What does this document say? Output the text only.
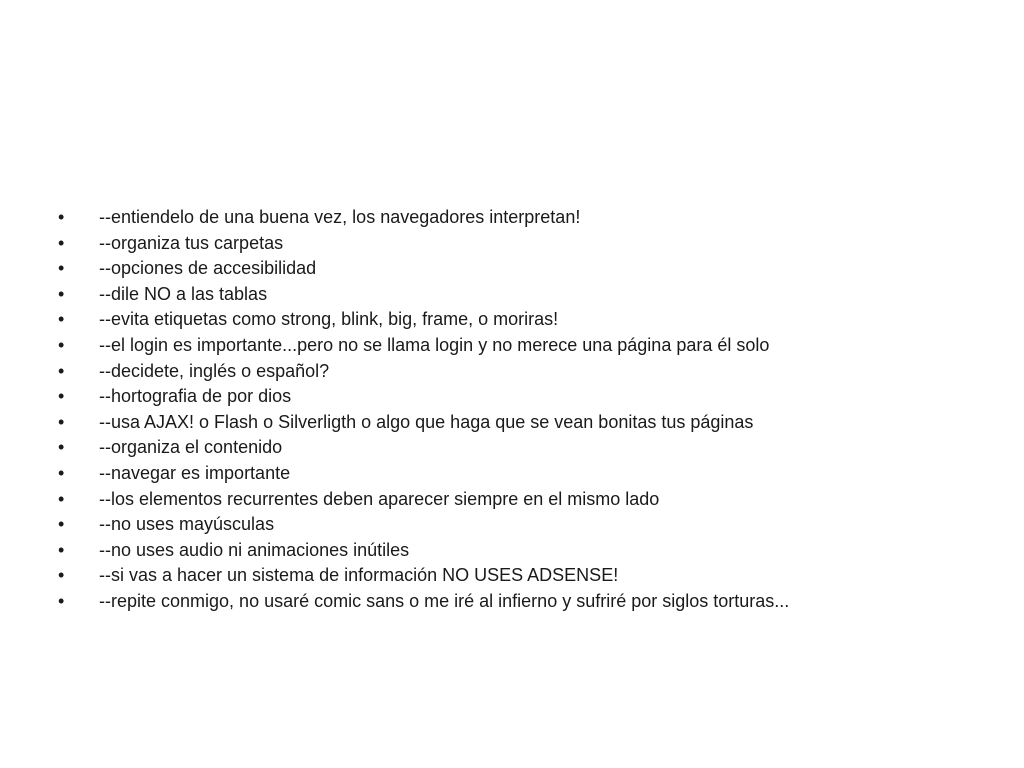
•	--entiendelo de una buena vez, los navegadores interpretan!
•	--organiza tus carpetas
•	--opciones de accesibilidad
•	--dile NO a las tablas
•	--evita etiquetas como strong, blink, big, frame, o moriras!
•	--el login es importante...pero no se llama login y no merece una página para él solo
•	--decidete, inglés o español?
•	--hortografia de por dios
•	--usa AJAX! o Flash o Silverligth o algo que haga que se vean bonitas tus páginas
•	--organiza el contenido
•	--navegar es importante
•	--los elementos recurrentes deben aparecer siempre en el mismo lado
•	--no uses mayúsculas
•	--no uses audio ni animaciones inútiles
•	--si vas a hacer un sistema de información NO USES ADSENSE!
•	--repite conmigo, no usaré comic sans o me iré al infierno y sufriré por siglos torturas...
